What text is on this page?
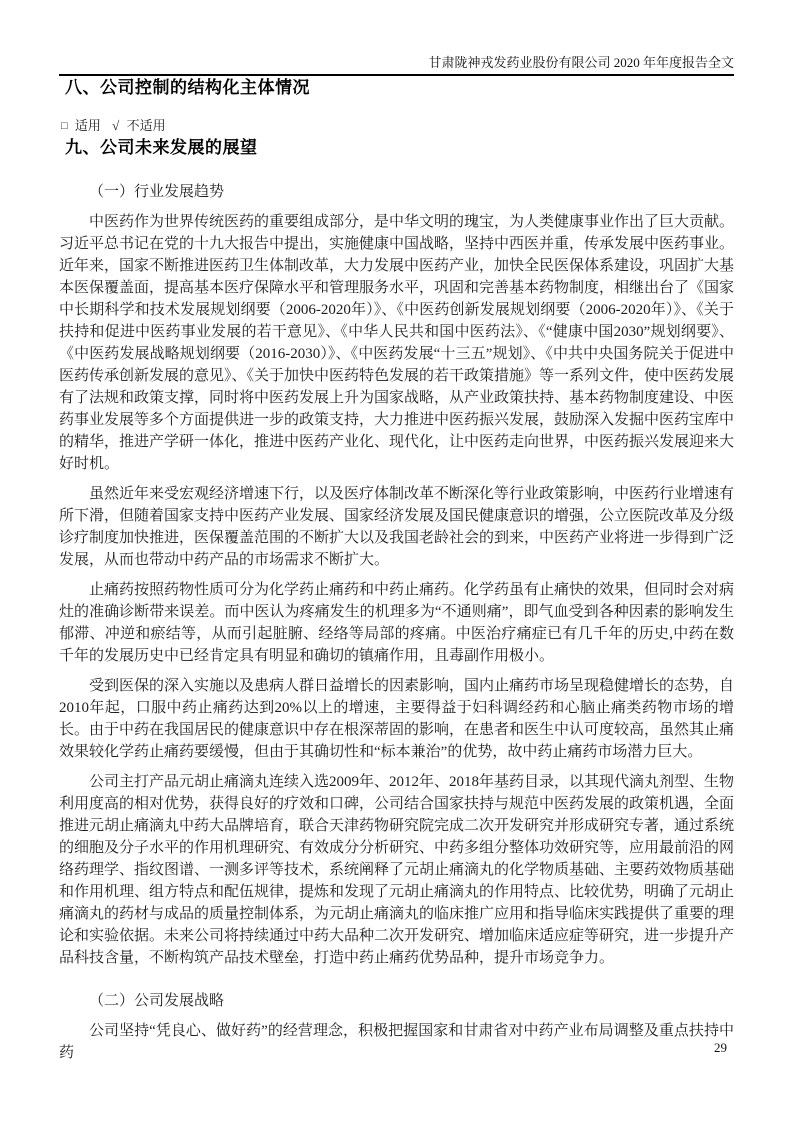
甘肃陇神戎发药业股份有限公司 2020 年年度报告全文
八、公司控制的结构化主体情况
□ 适用 √ 不适用
九、公司未来发展的展望
（一）行业发展趋势

中医药作为世界传统医药的重要组成部分，是中华文明的瑰宝，为人类健康事业作出了巨大贡献。习近平总书记在党的十九大报告中提出，实施健康中国战略，坚持中西医并重，传承发展中医药事业。近年来，国家不断推进医药卫生体制改革，大力发展中医药产业，加快全民医保体系建设，巩固扩大基本医保覆盖面，提高基本医疗保障水平和管理服务水平，巩固和完善基本药物制度，相继出台了《国家中长期科学和技术发展规划纲要（2006-2020年）》、《中医药创新发展规划纲要（2006-2020年）》、《关于扶持和促进中医药事业发展的若干意见》、《中华人民共和国中医药法》、《“健康中国2030”规划纲要》、《中医药发展战略规划纲要（2016-2030）》、《中医药发展“十三五”规划》、《中共中央国务院关于促进中医药传承创新发展的意见》、《关于加快中医药特色发展的若干政策措施》等一系列文件，使中医药发展有了法规和政策支撑，同时将中医药发展上升为国家战略，从产业政策扶持、基本药物制度建设、中医药事业发展等多个方面提供进一步的政策支持，大力推进中医药振兴发展，鼓励深入发掘中医药宝库中的精华，推进产学研一体化，推进中医药产业化、现代化，让中医药走向世界，中医药振兴发展迎来大好时机。

虽然近年来受宏观经济增速下行，以及医疗体制改革不断深化等行业政策影响，中医药行业增速有所下滑，但随着国家支持中医药产业发展、国家经济发展及国民健康意识的增强，公立医院改革及分级诊疗制度加快推进，医保覆盖范围的不断扩大以及我国老龄社会的到来，中医药产业将进一步得到广泛发展，从而也带动中药产品的市场需求不断扩大。

止痛药按照药物性质可分为化学药止痛药和中药止痛药。化学药虽有止痛快的效果，但同时会对病灶的准确诊断带来误差。而中医认为疼痛发生的机理多为“不通则痛”，即气血受到各种因素的影响发生郁滞、冲逆和瘀结等，从而引起脏腑、经络等局部的疼痛。中医治疗痛症已有几千年的历史,中药在数千年的发展历史中已经肯定具有明显和确切的镇痛作用，且毒副作用极小。

受到医保的深入实施以及患病人群日益增长的因素影响，国内止痛药市场呈现稳健增长的态势，自2010年起，口服中药止痛药达到20%以上的增速，主要得益于妇科调经药和心脑止痛类药物市场的增长。由于中药在我国居民的健康意识中存在根深蒂固的影响，在患者和医生中认可度较高，虽然其止痛效果较化学药止痛药要缓慢，但由于其确切性和“标本兼治”的优势，故中药止痛药市场潜力巨大。

公司主打产品元胡止痛滴丸连续入选2009年、2012年、2018年基药目录，以其现代滴丸剂型、生物利用度高的相对优势，获得良好的疗效和口碑，公司结合国家扶持与规范中医药发展的政策机遇，全面推进元胡止痛滴丸中药大品牌培育，联合天津药物研究院完成二次开发研究并形成研究专著，通过系统的细胞及分子水平的作用机理研究、有效成分分析研究、中药多组分整体功效研究等，应用最前沿的网络药理学、指纹图谱、一测多评等技术，系统阐释了元胡止痛滴丸的化学物质基础、主要药效物质基础和作用机理、组方特点和配伍规律，提炼和发现了元胡止痛滴丸的作用特点、比较优势，明确了元胡止痛滴丸的药材与成品的质量控制体系，为元胡止痛滴丸的临床推广应用和指导临床实践提供了重要的理论和实验依据。未来公司将持续通过中药大品种二次开发研究、增加临床适应症等研究，进一步提升产品科技含量，不断构筑产品技术壁垒，打造中药止痛药优势品种，提升市场竞争力。

（二）公司发展战略

公司坚持“凭良心、做好药”的经营理念，积极把握国家和甘肃省对中药产业布局调整及重点扶持中药	29
